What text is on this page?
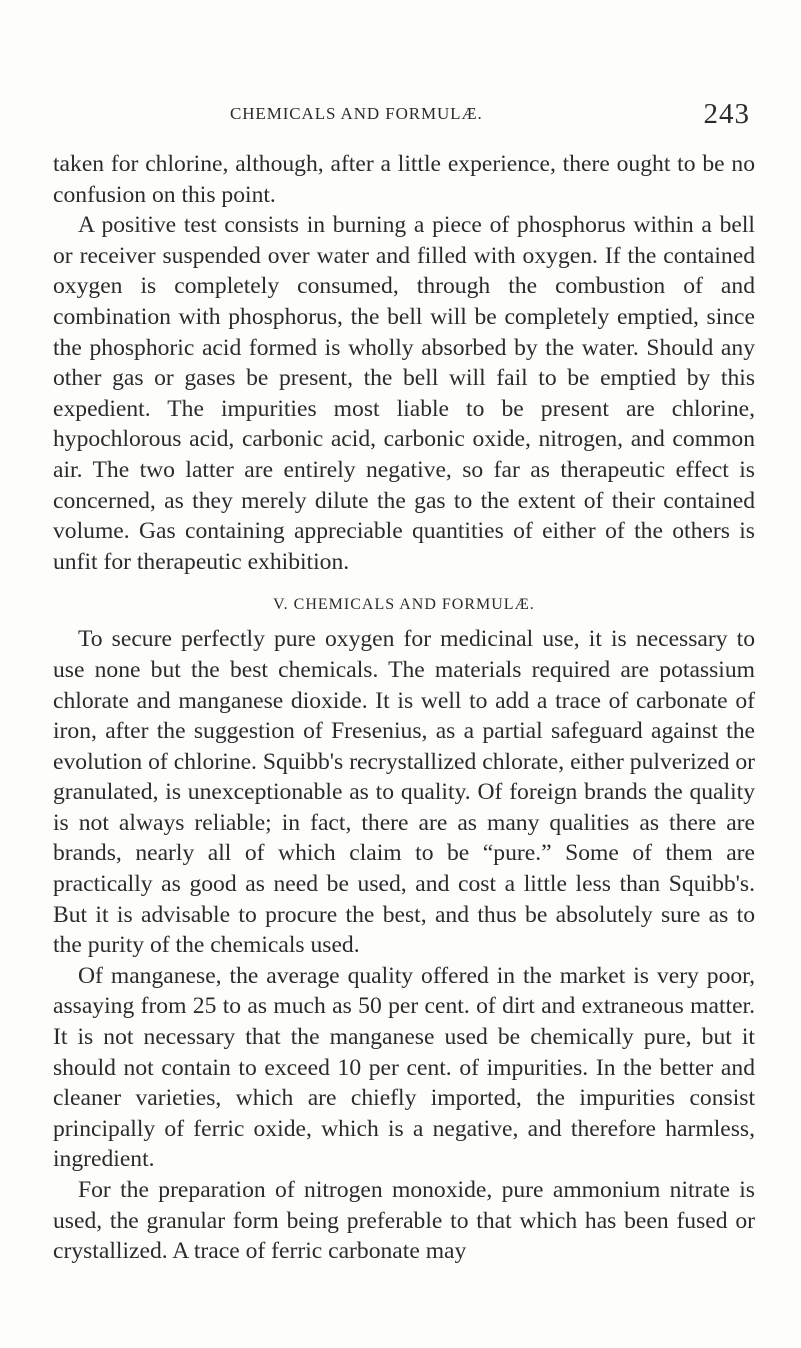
CHEMICALS AND FORMULÆ.	243

taken for chlorine, although, after a little experience, there ought to be no confusion on this point.

A positive test consists in burning a piece of phosphorus within a bell or receiver suspended over water and filled with oxygen. If the contained oxygen is completely consumed, through the combustion of and combination with phosphorus, the bell will be completely emptied, since the phosphoric acid formed is wholly absorbed by the water. Should any other gas or gases be present, the bell will fail to be emptied by this expedient. The impurities most liable to be present are chlorine, hypochlorous acid, carbonic acid, carbonic oxide, nitrogen, and common air. The two latter are entirely negative, so far as therapeutic effect is concerned, as they merely dilute the gas to the extent of their contained volume. Gas containing appreciable quantities of either of the others is unfit for therapeutic exhibition.

V. CHEMICALS AND FORMULÆ.

To secure perfectly pure oxygen for medicinal use, it is necessary to use none but the best chemicals. The materials required are potassium chlorate and manganese dioxide. It is well to add a trace of carbonate of iron, after the suggestion of Fresenius, as a partial safeguard against the evolution of chlorine. Squibb's recrystallized chlorate, either pulverized or granulated, is unexceptionable as to quality. Of foreign brands the quality is not always reliable; in fact, there are as many qualities as there are brands, nearly all of which claim to be “pure.” Some of them are practically as good as need be used, and cost a little less than Squibb's. But it is advisable to procure the best, and thus be absolutely sure as to the purity of the chemicals used.

Of manganese, the average quality offered in the market is very poor, assaying from 25 to as much as 50 per cent. of dirt and extraneous matter. It is not necessary that the manganese used be chemically pure, but it should not contain to exceed 10 per cent. of impurities. In the better and cleaner varieties, which are chiefly imported, the impurities consist principally of ferric oxide, which is a negative, and therefore harmless, ingredient.

For the preparation of nitrogen monoxide, pure ammonium nitrate is used, the granular form being preferable to that which has been fused or crystallized. A trace of ferric carbonate may
